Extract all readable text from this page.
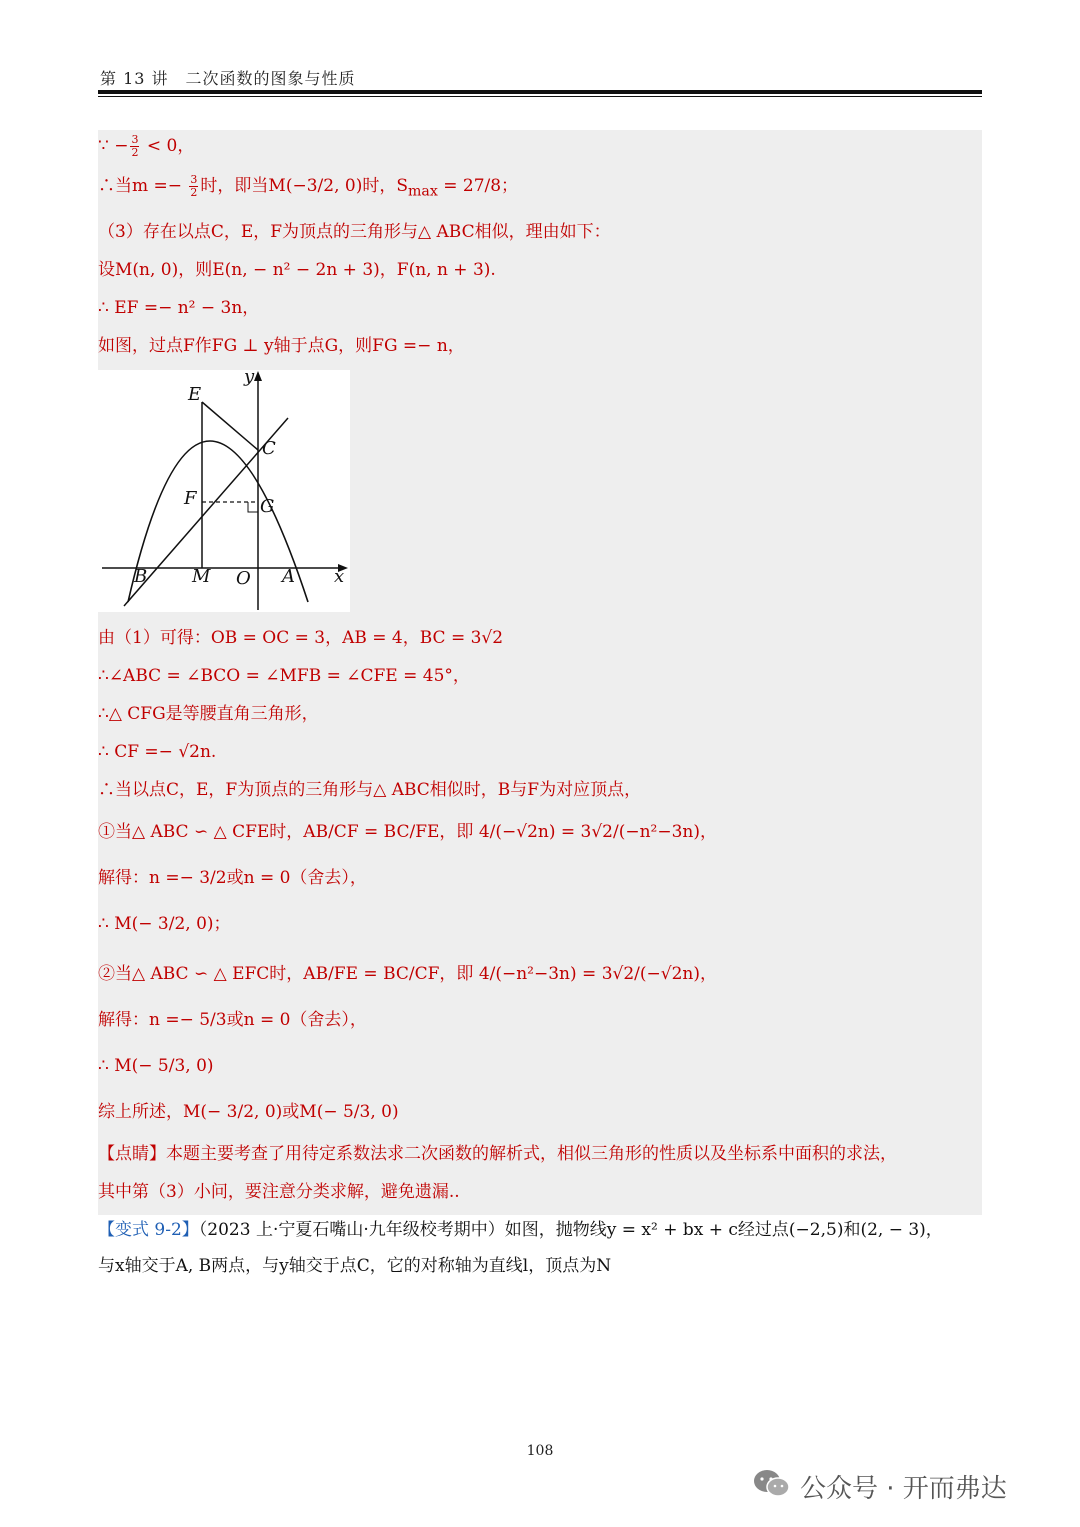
第 13 讲　二次函数的图象与性质
∵ − $\frac{3}{2} < 0$，
∴当$m =- \frac{3}{2}$ 时，即当M(−3/2, 0)时，$S_{max} = 27/8$；
（3）存在以点C，E，F为顶点的三角形与△ ABC相似，理由如下：
设M(n, 0)，则E(n, − n² − 2n + 3)，F(n, n + 3).
∴ EF =− n² − 3n，
如图，过点F作FG ⊥ y轴于点G，则FG =− n，
y
E
C
F	G
B M O A x
由（1）可得：OB = OC = 3，AB = 4，BC = 3√2
∴∠ABC = ∠BCO = ∠MFB = ∠CFE = 45°，
∴△ CFG是等腰直角三角形，
∴ CF =− √2n.
∴当以点C，E，F为顶点的三角形与△ ABC相似时，B与F为对应顶点，
①当△ ABC ∽ △ CFE时，AB/CF = BC/FE，即 4/(−√2n) = 3√2/(−n²−3n)，
解得：n =− 3/2或n = 0（舍去），
∴ M(− 3/2, 0)；
②当△ ABC ∽ △ EFC时，AB/FE = BC/CF，即 4/(−n²−3n) = 3√2/(−√2n)，
解得：n =− 5/3或n = 0（舍去），
∴ M(− 5/3, 0)
综上所述，M(− 3/2, 0)或M(− 5/3, 0)
【点睛】本题主要考查了用待定系数法求二次函数的解析式，相似三角形的性质以及坐标系中面积的求法，
其中第（3）小问，要注意分类求解，避免遗漏..
【变式 9-2】（2023 上·宁夏石嘴山·九年级校考期中）如图，抛物线y = x² + bx + c经过点(−2,5)和(2, − 3)，
与x轴交于A, B两点，与y轴交于点C，它的对称轴为直线l，顶点为N
108
公众号 · 开而弗达
